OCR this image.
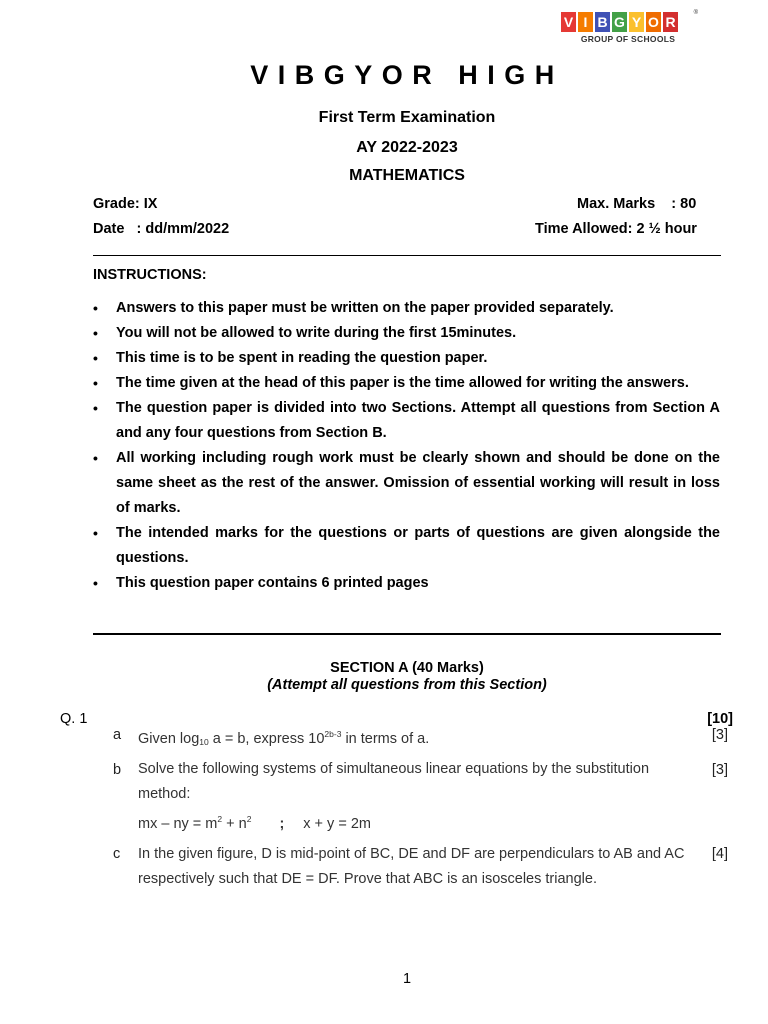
V I B G Y O R
®
GROUP OF SCHOOLS
VIBGYOR HIGH
First Term Examination
AY 2022-2023
MATHEMATICS
Grade: IX	Max. Marks    : 80
Date   : dd/mm/2022	Time Allowed: 2 ½ hour
INSTRUCTIONS:
• Answers to this paper must be written on the paper provided separately.
• You will not be allowed to write during the first 15minutes.
• This time is to be spent in reading the question paper.
• The time given at the head of this paper is the time allowed for writing the answers.
• The question paper is divided into two Sections. Attempt all questions from Section A and any four questions from Section B.
• All working including rough work must be clearly shown and should be done on the same sheet as the rest of the answer. Omission of essential working will result in loss of marks.
• The intended marks for the questions or parts of questions are given alongside the questions.
• This question paper contains 6 printed pages
SECTION A (40 Marks)
(Attempt all questions from this Section)
Q. 1	[10]
a Given $\log_{10} a = b$, express $10^{2b-3}$ in terms of a.	[3]
b Solve the following systems of simultaneous linear equations by the substitution method:
mx – ny = $m^2 + n^2$ ; x + y = 2m
[3]
c In the given figure, D is mid-point of BC, DE and DF are perpendiculars to AB and AC respectively such that DE = DF. Prove that ABC is an isosceles triangle.
[4]
1
